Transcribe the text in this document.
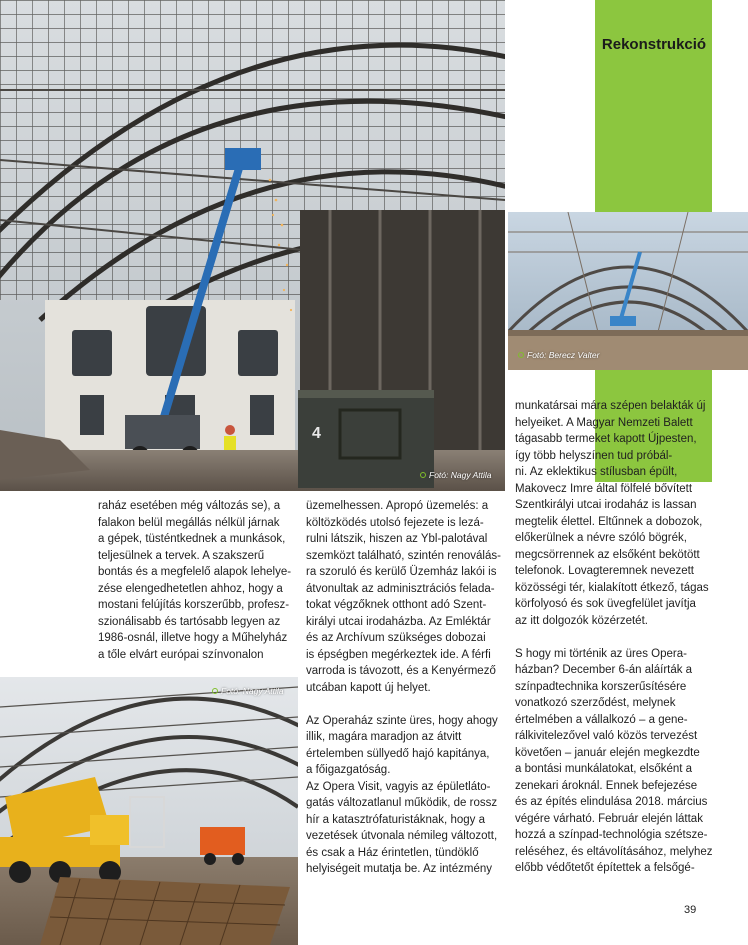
Rekonstrukció
4
Fotó: Nagy Attila
Fotó: Berecz Valter
Fotó: Nagy Attila

raház esetében még változás se), a
falakon belül megállás nélkül járnak
a gépek, tüsténtkednek a munkások,
teljesülnek a tervek. A szakszerű
bontás és a megfelelő alapok lehelye-
zése elengedhetetlen ahhoz, hogy a
mostani felújítás korszerűbb, profesz-
szionálisabb és tartósabb legyen az
1986-osnál, illetve hogy a Műhelyház
a tőle elvárt európai színvonalon

üzemelhessen. Apropó üzemelés: a
költözködés utolsó fejezete is lezá-
rulni látszik, hiszen az Ybl-palotával
szemközt található, szintén renoválás-
ra szoruló és kerülő Üzemház lakói is
átvonultak az adminisztrációs felada-
tokat végzőknek otthont adó Szent-
királyi utcai irodaházba. Az Emléktár
és az Archívum szükséges dobozai
is épségben megérkeztek ide. A férfi
varroda is távozott, és a Kenyérmező
utcában kapott új helyet.

Az Operaház szinte üres, hogy ahogy
illik, magára maradjon az átvitt
értelemben süllyedő hajó kapitánya,
a főigazgatóság.

Az Opera Visit, vagyis az épületláto-
gatás változatlanul működik, de rossz
hír a katasztrófaturistáknak, hogy a
vezetések útvonala némileg változott,
és csak a Ház érintetlen, tündöklő
helyiségeit mutatja be. Az intézmény

munkatársai mára szépen belakták új
helyeiket. A Magyar Nemzeti Balett
tágasabb termeket kapott Újpesten,
így több helyszínen tud próbál-
ni. Az eklektikus stílusban épült,
Makovecz Imre által fölfelé bővített
Szentkirályi utcai irodaház is lassan
megtelik élettel. Eltűnnek a dobozok,
előkerülnek a névre szóló bögrék,
megcsörrennek az elsőként bekötött
telefonok. Lovagteremnek nevezett
közösségi tér, kialakított étkező, tágas
körfolyosó és sok üvegfelület javítja
az itt dolgozók közérzetét.

S hogy mi történik az üres Opera-
házban? December 6-án aláírták a
színpadtechnika korszerűsítésére
vonatkozó szerződést, melynek
értelmében a vállalkozó – a gene-
rálkivitelezővel való közös tervezést
követően – január elején megkezdte
a bontási munkálatokat, elsőként a
zenekari ároknál. Ennek befejezése
és az építés elindulása 2018. március
végére várható. Február elején láttak
hozzá a színpad-technológia szétsze-
reléséhez, és eltávolításához, melyhez
előbb védőtetőt építettek a felsőgé-

39
